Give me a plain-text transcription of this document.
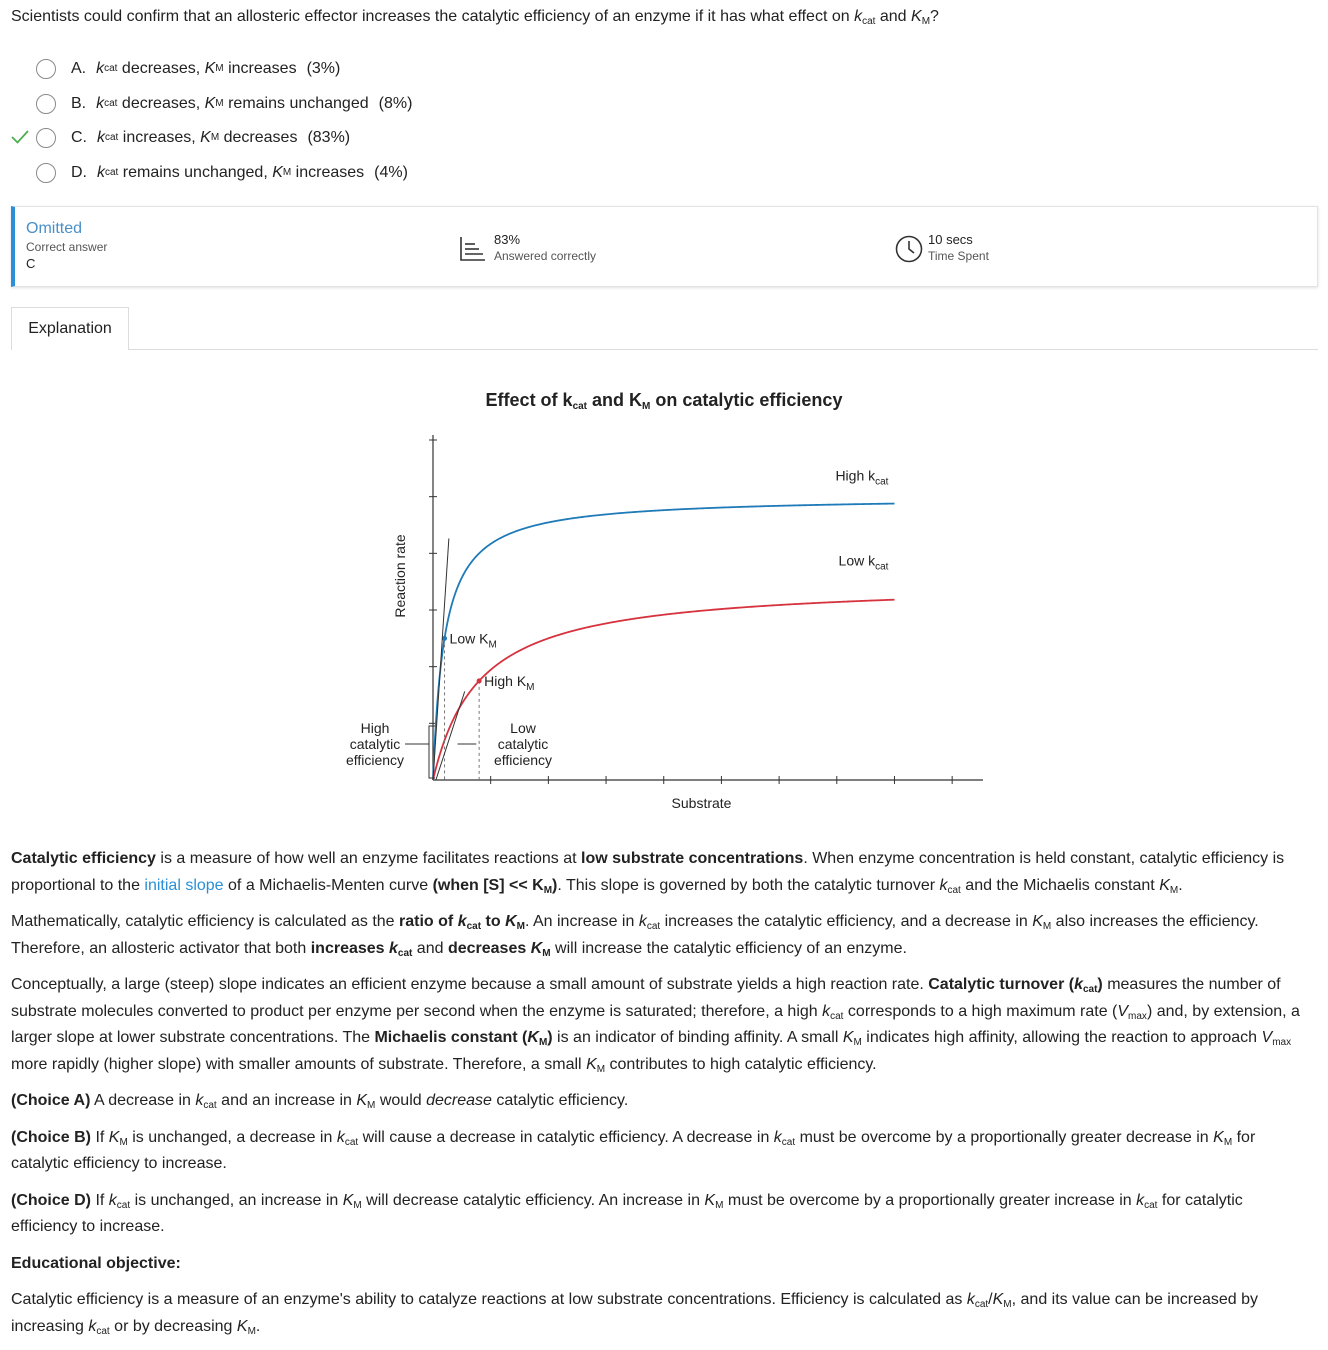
Scientists could confirm that an allosteric effector increases the catalytic efficiency of an enzyme if it has what effect on $k_{cat}$ and $K_M$?
A. k cat decreases, K M increases (3%)
B. k cat decreases, K M remains unchanged (8%)
C. k cat increases, K M decreases (83%)
D. k cat remains unchanged, K M increases (4%)
Omitted
Correct answer
C
83%
Answered correctly
10 secs
Time Spent
Explanation
Effect of $k_{cat}$ and $K_M$ on catalytic efficiency
Substrate
Reaction rate
High $k_{cat}$
Low $k_{cat}$
Low $K_M$
High $K_M$
High
catalytic
efficiency
Low
catalytic
efficiency

Catalytic efficiency is a measure of how well an enzyme facilitates reactions at low substrate concentrations. When enzyme concentration is held constant, catalytic efficiency is proportional to the initial slope of a Michaelis-Menten curve (when $[S] << K_M$). This slope is governed by both the catalytic turnover $k_{cat}$ and the Michaelis constant $K_M$.

Mathematically, catalytic efficiency is calculated as the ratio of $k_{cat}$ to $K_M$. An increase in $k_{cat}$ increases the catalytic efficiency, and a decrease in $K_M$ also increases the efficiency. Therefore, an allosteric activator that both increases $k_{cat}$ and decreases $K_M$ will increase the catalytic efficiency of an enzyme.

Conceptually, a large (steep) slope indicates an efficient enzyme because a small amount of substrate yields a high reaction rate. Catalytic turnover $(k_{cat})$ measures the number of substrate molecules converted to product per enzyme per second when the enzyme is saturated; therefore, a high $k_{cat}$ corresponds to a high maximum rate $(V_{max})$ and, by extension, a larger slope at lower substrate concentrations. The Michaelis constant $(K_M)$ is an indicator of binding affinity. A small $K_M$ indicates high affinity, allowing the reaction to approach $V_{max}$ more rapidly (higher slope) with smaller amounts of substrate. Therefore, a small $K_M$ contributes to high catalytic efficiency.

(Choice A) A decrease in $k_{cat}$ and an increase in $K_M$ would decrease catalytic efficiency.

(Choice B) If $K_M$ is unchanged, a decrease in $k_{cat}$ will cause a decrease in catalytic efficiency. A decrease in $k_{cat}$ must be overcome by a proportionally greater decrease in $K_M$ for catalytic efficiency to increase.

(Choice D) If $k_{cat}$ is unchanged, an increase in $K_M$ will decrease catalytic efficiency. An increase in $K_M$ must be overcome by a proportionally greater increase in $k_{cat}$ for catalytic efficiency to increase.

Educational objective:

Catalytic efficiency is a measure of an enzyme's ability to catalyze reactions at low substrate concentrations. Efficiency is calculated as $k_{cat}/K_M$, and its value can be increased by increasing $k_{cat}$ or by decreasing $K_M$.
